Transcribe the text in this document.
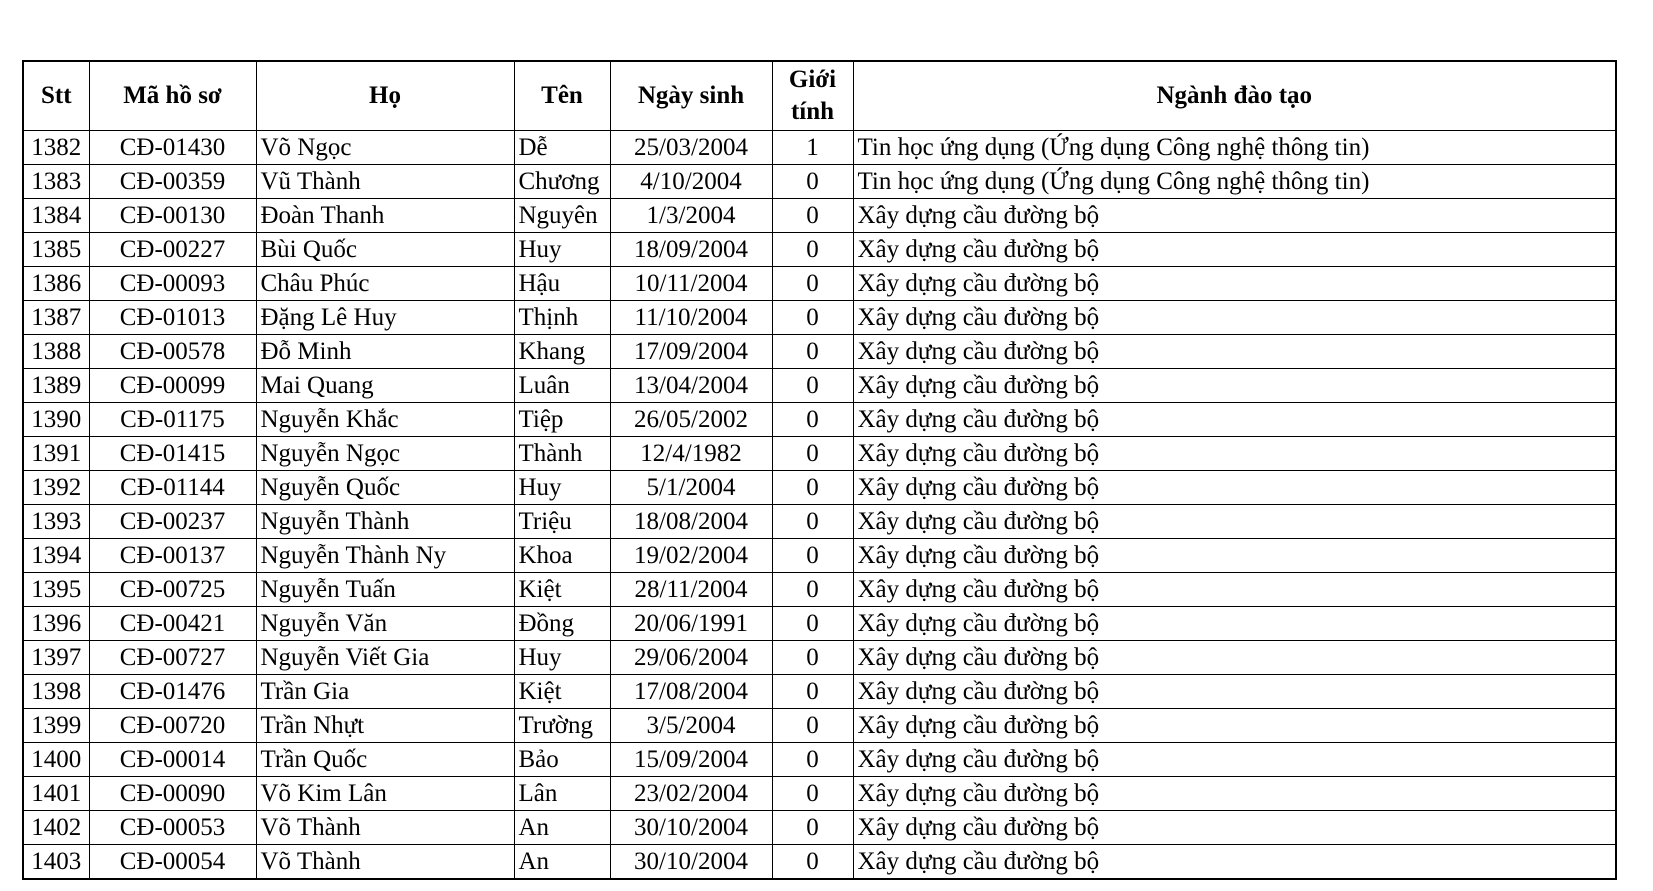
Stt	Mã hồ sơ	Họ	Tên	Ngày sinh	Giới tính	Ngành đào tạo
1382	CĐ-01430	Võ Ngọc	Dễ	25/03/2004	1	Tin học ứng dụng (Ứng dụng Công nghệ thông tin)
1383	CĐ-00359	Vũ Thành	Chương	4/10/2004	0	Tin học ứng dụng (Ứng dụng Công nghệ thông tin)
1384	CĐ-00130	Đoàn Thanh	Nguyên	1/3/2004	0	Xây dựng cầu đường bộ
1385	CĐ-00227	Bùi Quốc	Huy	18/09/2004	0	Xây dựng cầu đường bộ
1386	CĐ-00093	Châu Phúc	Hậu	10/11/2004	0	Xây dựng cầu đường bộ
1387	CĐ-01013	Đặng Lê Huy	Thịnh	11/10/2004	0	Xây dựng cầu đường bộ
1388	CĐ-00578	Đỗ Minh	Khang	17/09/2004	0	Xây dựng cầu đường bộ
1389	CĐ-00099	Mai Quang	Luân	13/04/2004	0	Xây dựng cầu đường bộ
1390	CĐ-01175	Nguyễn Khắc	Tiệp	26/05/2002	0	Xây dựng cầu đường bộ
1391	CĐ-01415	Nguyễn Ngọc	Thành	12/4/1982	0	Xây dựng cầu đường bộ
1392	CĐ-01144	Nguyễn Quốc	Huy	5/1/2004	0	Xây dựng cầu đường bộ
1393	CĐ-00237	Nguyễn Thành	Triệu	18/08/2004	0	Xây dựng cầu đường bộ
1394	CĐ-00137	Nguyễn Thành Ny	Khoa	19/02/2004	0	Xây dựng cầu đường bộ
1395	CĐ-00725	Nguyễn Tuấn	Kiệt	28/11/2004	0	Xây dựng cầu đường bộ
1396	CĐ-00421	Nguyễn Văn	Đồng	20/06/1991	0	Xây dựng cầu đường bộ
1397	CĐ-00727	Nguyễn Viết Gia	Huy	29/06/2004	0	Xây dựng cầu đường bộ
1398	CĐ-01476	Trần Gia	Kiệt	17/08/2004	0	Xây dựng cầu đường bộ
1399	CĐ-00720	Trần Nhựt	Trường	3/5/2004	0	Xây dựng cầu đường bộ
1400	CĐ-00014	Trần Quốc	Bảo	15/09/2004	0	Xây dựng cầu đường bộ
1401	CĐ-00090	Võ Kim Lân	Lân	23/02/2004	0	Xây dựng cầu đường bộ
1402	CĐ-00053	Võ Thành	An	30/10/2004	0	Xây dựng cầu đường bộ
1403	CĐ-00054	Võ Thành	An	30/10/2004	0	Xây dựng cầu đường bộ
